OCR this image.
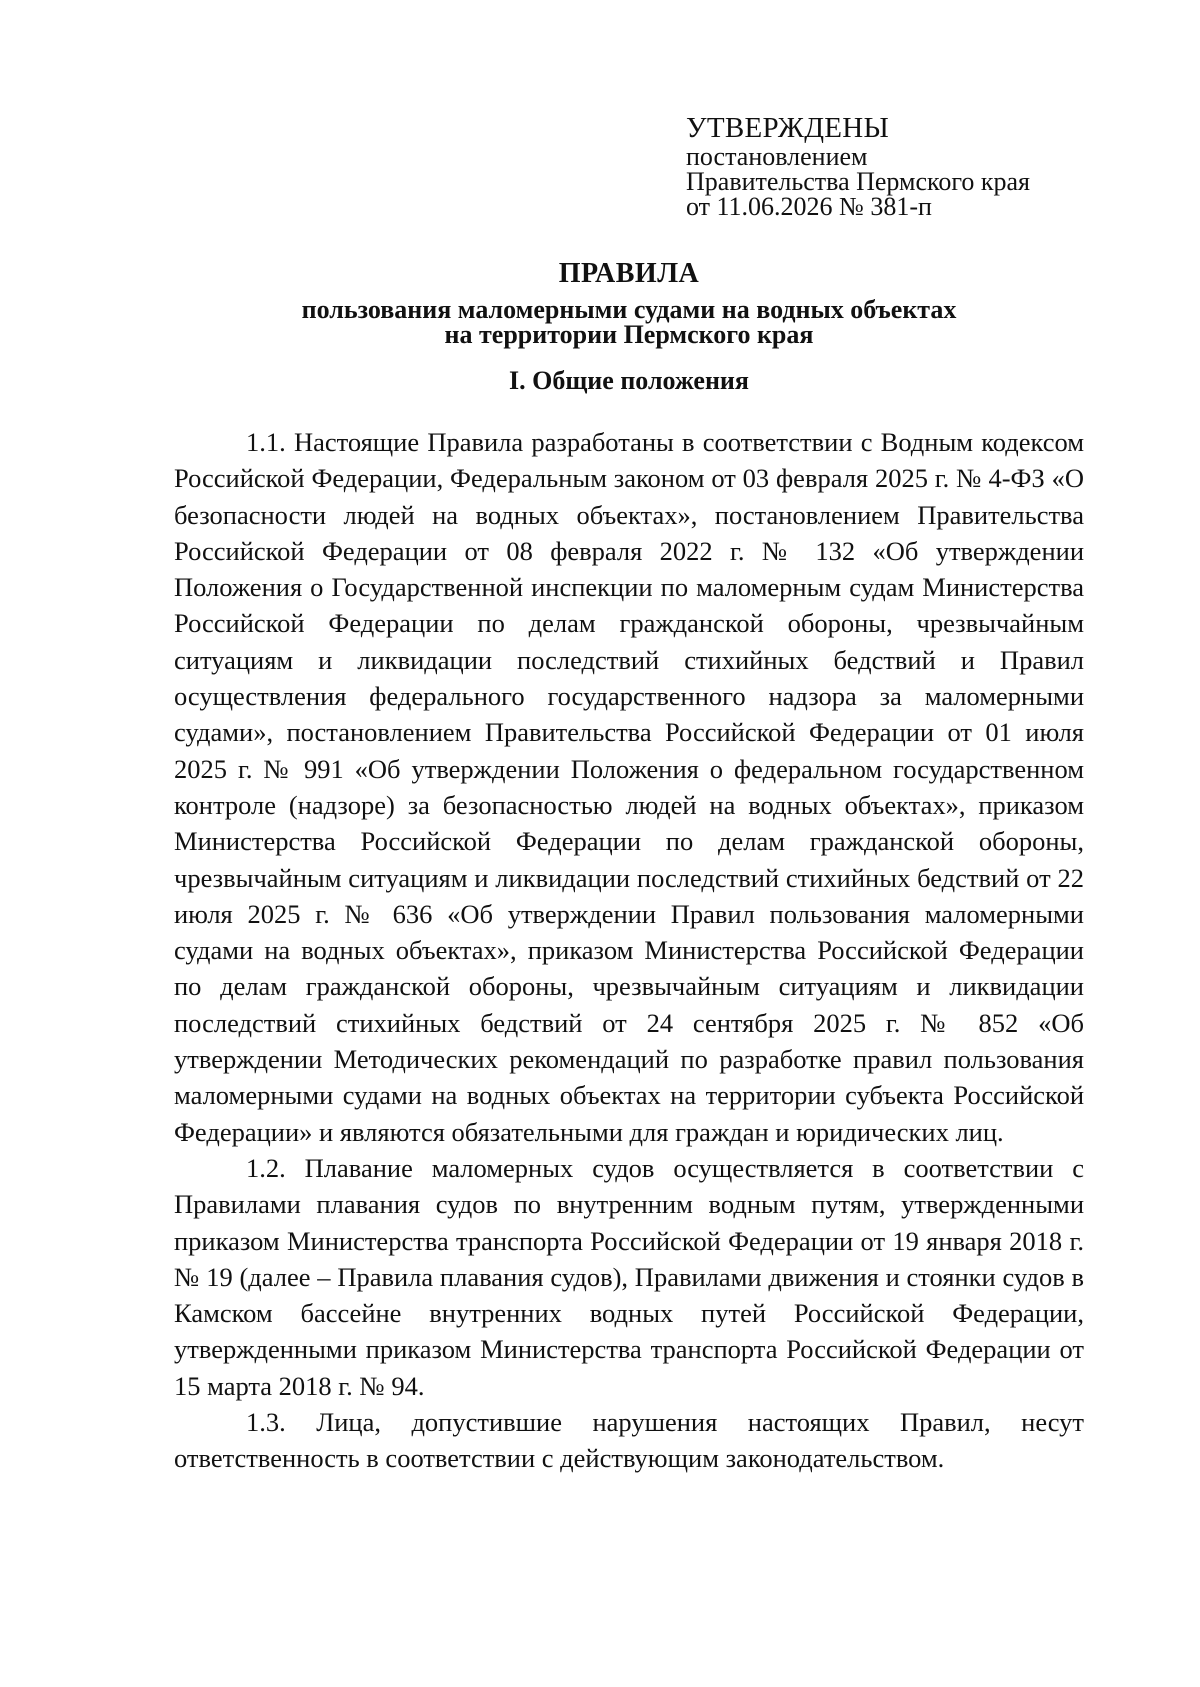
УТВЕРЖДЕНЫ
постановлением
Правительства Пермского края
от 11.06.2026 № 381-п
ПРАВИЛА
пользования маломерными судами на водных объектах
на территории Пермского края
I. Общие положения

1.1. Настоящие Правила разработаны в соответствии с Водным кодексом Российской Федерации, Федеральным законом от 03 февраля 2025 г. № 4-ФЗ «О безопасности людей на водных объектах», постановлением Правительства Российской Федерации от 08 февраля 2022 г. № 132 «Об утверждении Положения о Государственной инспекции по маломерным судам Министерства Российской Федерации по делам гражданской обороны, чрезвычайным ситуациям и ликвидации последствий стихийных бедствий и Правил осуществления федерального государственного надзора за маломерными судами», постановлением Правительства Российской Федерации от 01 июля 2025 г. № 991 «Об утверждении Положения о федеральном государственном контроле (надзоре) за безопасностью людей на водных объектах», приказом Министерства Российской Федерации по делам гражданской обороны, чрезвычайным ситуациям и ликвидации последствий стихийных бедствий от 22 июля 2025 г. № 636 «Об утверждении Правил пользования маломерными судами на водных объектах», приказом Министерства Российской Федерации по делам гражданской обороны, чрезвычайным ситуациям и ликвидации последствий стихийных бедствий от 24 сентября 2025 г. № 852 «Об утверждении Методических рекомендаций по разработке правил пользования маломерными судами на водных объектах на территории субъекта Российской Федерации» и являются обязательными для граждан и юридических лиц.

1.2. Плавание маломерных судов осуществляется в соответствии с Правилами плавания судов по внутренним водным путям, утвержденными приказом Министерства транспорта Российской Федерации от 19 января 2018 г. № 19 (далее – Правила плавания судов), Правилами движения и стоянки судов в Камском бассейне внутренних водных путей Российской Федерации, утвержденными приказом Министерства транспорта Российской Федерации от 15 марта 2018 г. № 94.

1.3. Лица, допустившие нарушения настоящих Правил, несут ответственность в соответствии с действующим законодательством.
